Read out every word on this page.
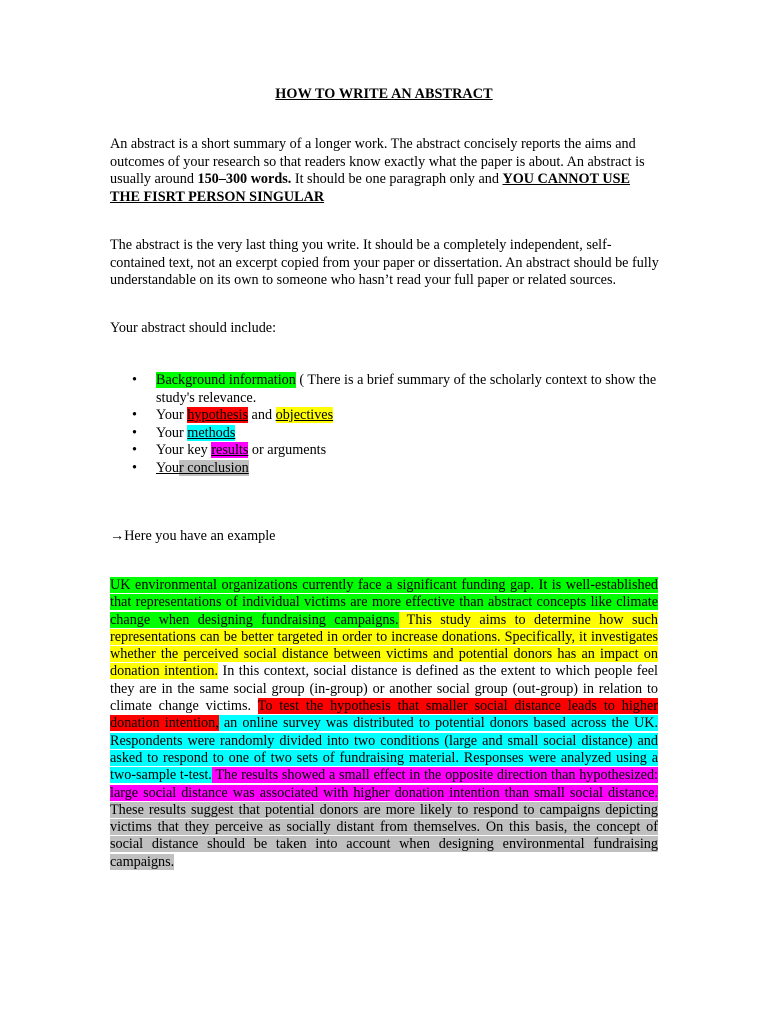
HOW TO WRITE AN ABSTRACT
An abstract is a short summary of a longer work. The abstract concisely reports the aims and outcomes of your research so that readers know exactly what the paper is about. An abstract is usually around 150–300 words. It should be one paragraph only and YOU CANNOT USE THE FISRT PERSON SINGULAR
The abstract is the very last thing you write. It should be a completely independent, self-contained text, not an excerpt copied from your paper or dissertation. An abstract should be fully understandable on its own to someone who hasn’t read your full paper or related sources.
Your abstract should include:
• Background information ( There is a brief summary of the scholarly context to show the study's relevance.
• Your hypothesis and objectives
• Your methods
• Your key results or arguments
• Your conclusion
→Here you have an example
UK environmental organizations currently face a significant funding gap. It is well-established that representations of individual victims are more effective than abstract concepts like climate change when designing fundraising campaigns. This study aims to determine how such representations can be better targeted in order to increase donations. Specifically, it investigates whether the perceived social distance between victims and potential donors has an impact on donation intention. In this context, social distance is defined as the extent to which people feel they are in the same social group (in-group) or another social group (out-group) in relation to climate change victims. To test the hypothesis that smaller social distance leads to higher donation intention, an online survey was distributed to potential donors based across the UK. Respondents were randomly divided into two conditions (large and small social distance) and asked to respond to one of two sets of fundraising material. Responses were analyzed using a two-sample t-test. The results showed a small effect in the opposite direction than hypothesized: large social distance was associated with higher donation intention than small social distance. These results suggest that potential donors are more likely to respond to campaigns depicting victims that they perceive as socially distant from themselves. On this basis, the concept of social distance should be taken into account when designing environmental fundraising campaigns.
